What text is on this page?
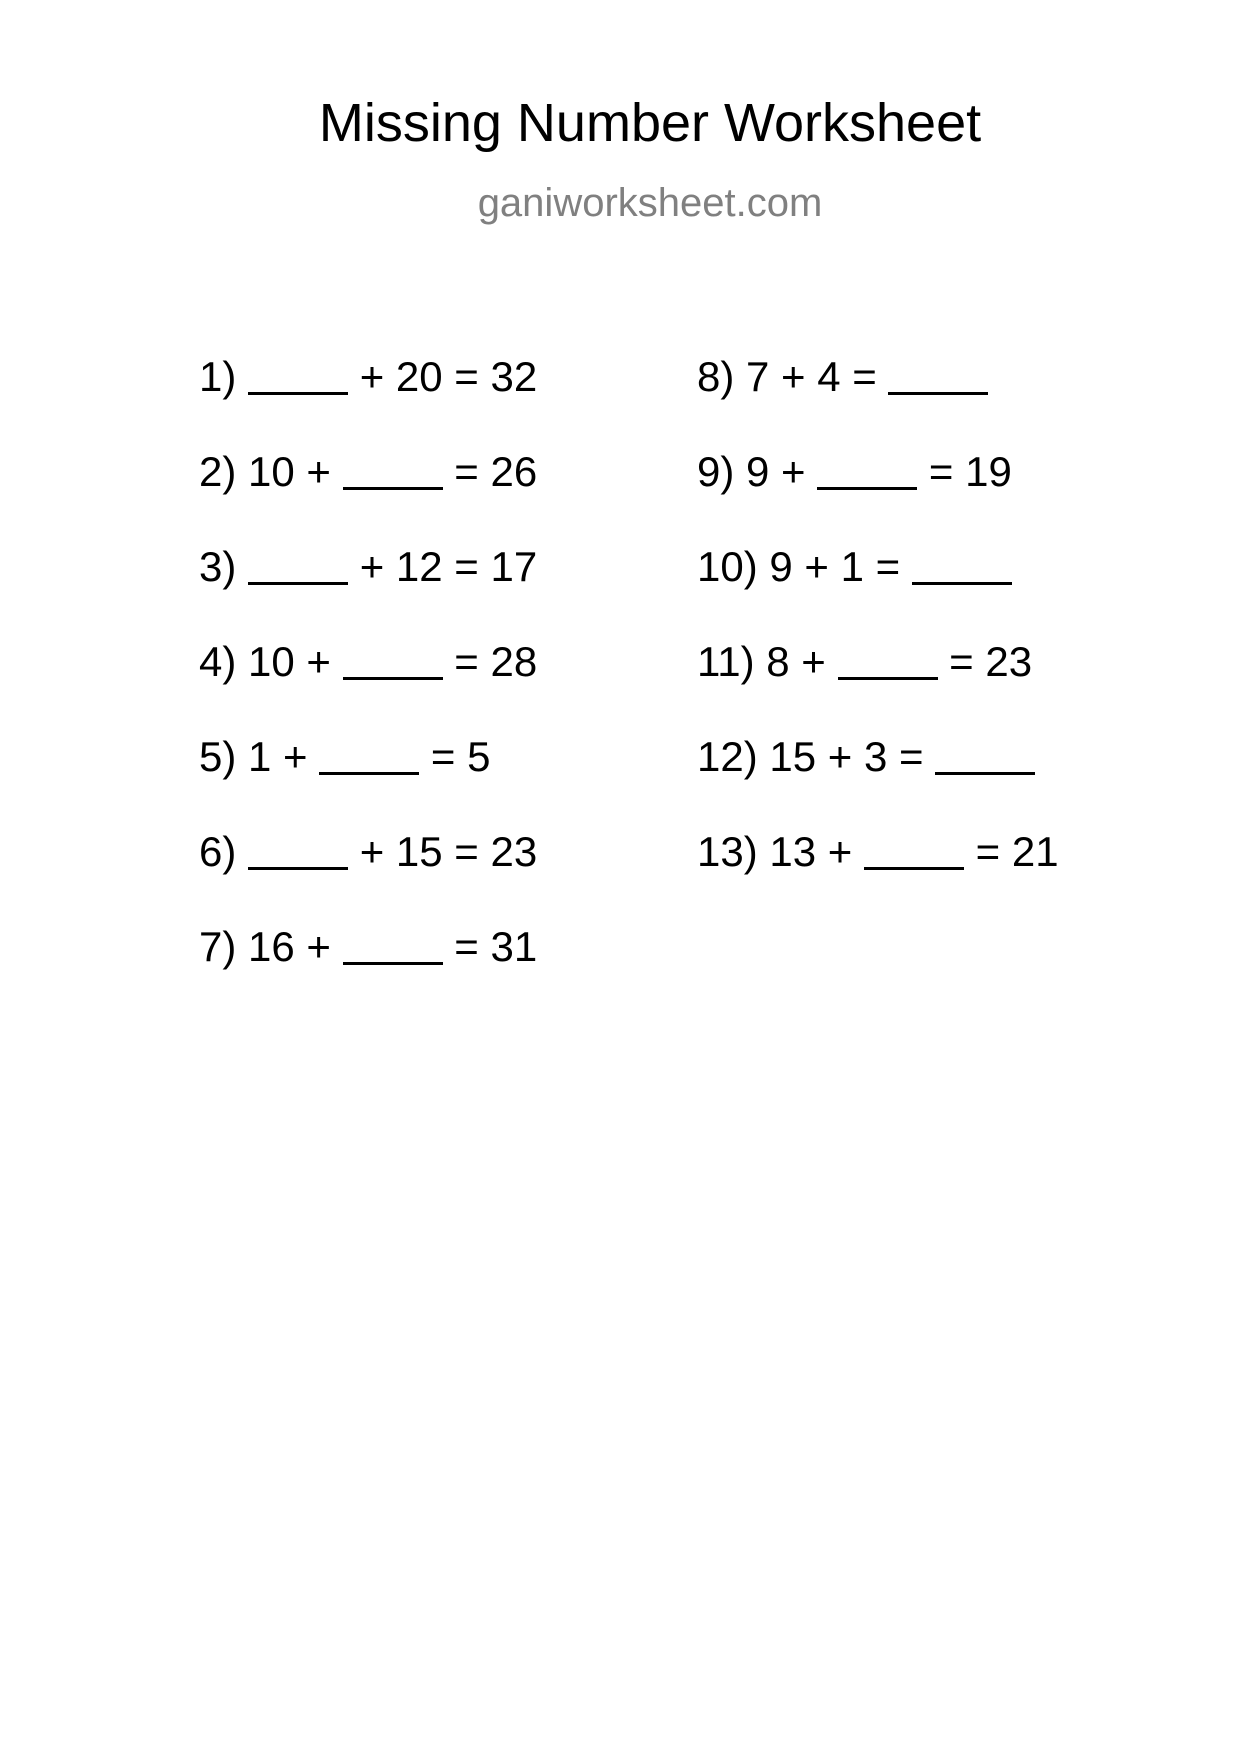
Missing Number Worksheet
ganiworksheet.com
1)	+ 20 = 32
2) 10 +  = 26
3)	+ 12 = 17
4) 10 +  = 28
5) 1 +  = 5
6)	+ 15 = 23
7) 16 +  = 31
8) 7 + 4 =
9) 9 +  = 19
10) 9 + 1 =
11) 8 +  = 23
12) 15 + 3 =
13) 13 +  = 21
